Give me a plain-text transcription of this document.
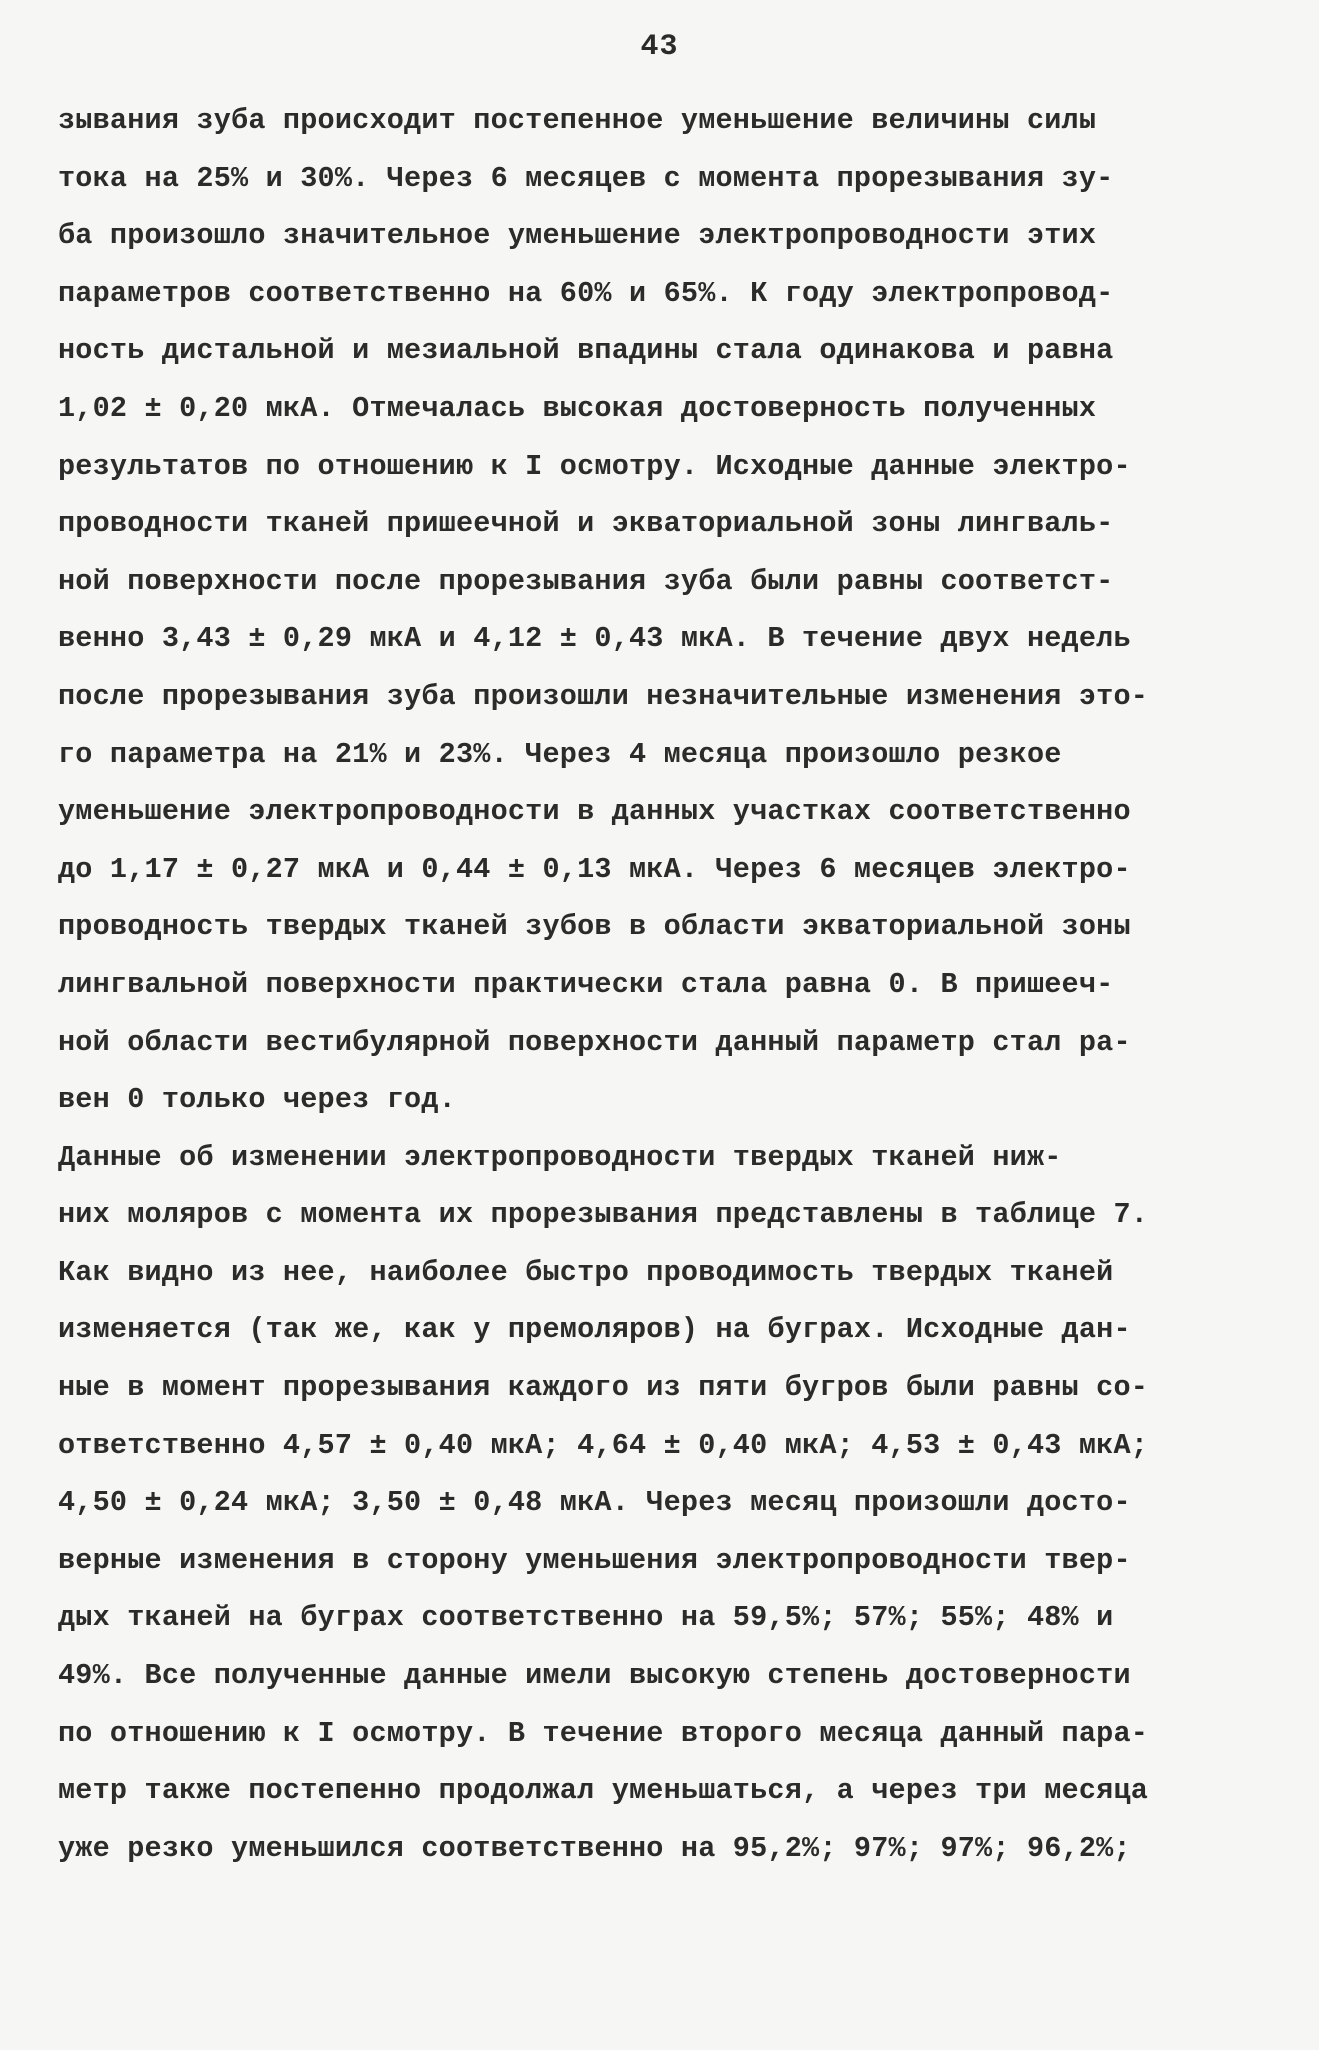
43
зывания зуба происходит постепенное уменьшение величины силы
тока на 25% и 30%. Через 6 месяцев с момента прорезывания зу-
ба произошло значительное уменьшение электропроводности этих
параметров соответственно на 60% и 65%. К году электропровод-
ность дистальной и мезиальной впадины стала одинакова и равна
1,02 ± 0,20 мкА. Отмечалась высокая достоверность полученных
результатов по отношению к I осмотру. Исходные данные электро-
проводности тканей пришеечной и экваториальной зоны лингваль-
ной поверхности после прорезывания зуба были равны соответст-
венно 3,43 ± 0,29 мкА и 4,12 ± 0,43 мкА. В течение двух недель
после прорезывания зуба произошли незначительные изменения это-
го параметра на 21% и 23%. Через 4 месяца произошло резкое
уменьшение электропроводности в данных участках соответственно
до 1,17 ± 0,27 мкА и 0,44 ± 0,13 мкА. Через 6 месяцев электро-
проводность твердых тканей зубов в области экваториальной зоны
лингвальной поверхности практически стала равна 0. В пришееч-
ной области вестибулярной поверхности данный параметр стал ра-
вен 0 только через год.
Данные об изменении электропроводности твердых тканей ниж-
них моляров с момента их прорезывания представлены в таблице 7.
Как видно из нее, наиболее быстро проводимость твердых тканей
изменяется (так же, как у премоляров) на буграх. Исходные дан-
ные в момент прорезывания каждого из пяти бугров были равны со-
ответственно 4,57 ± 0,40 мкА; 4,64 ± 0,40 мкА; 4,53 ± 0,43 мкА;
4,50 ± 0,24 мкА; 3,50 ± 0,48 мкА. Через месяц произошли досто-
верные изменения в сторону уменьшения электропроводности твер-
дых тканей на буграх соответственно на 59,5%; 57%; 55%; 48% и
49%. Все полученные данные имели высокую степень достоверности
по отношению к I осмотру. В течение второго месяца данный пара-
метр также постепенно продолжал уменьшаться, а через три месяца
уже резко уменьшился соответственно на 95,2%; 97%; 97%; 96,2%;
